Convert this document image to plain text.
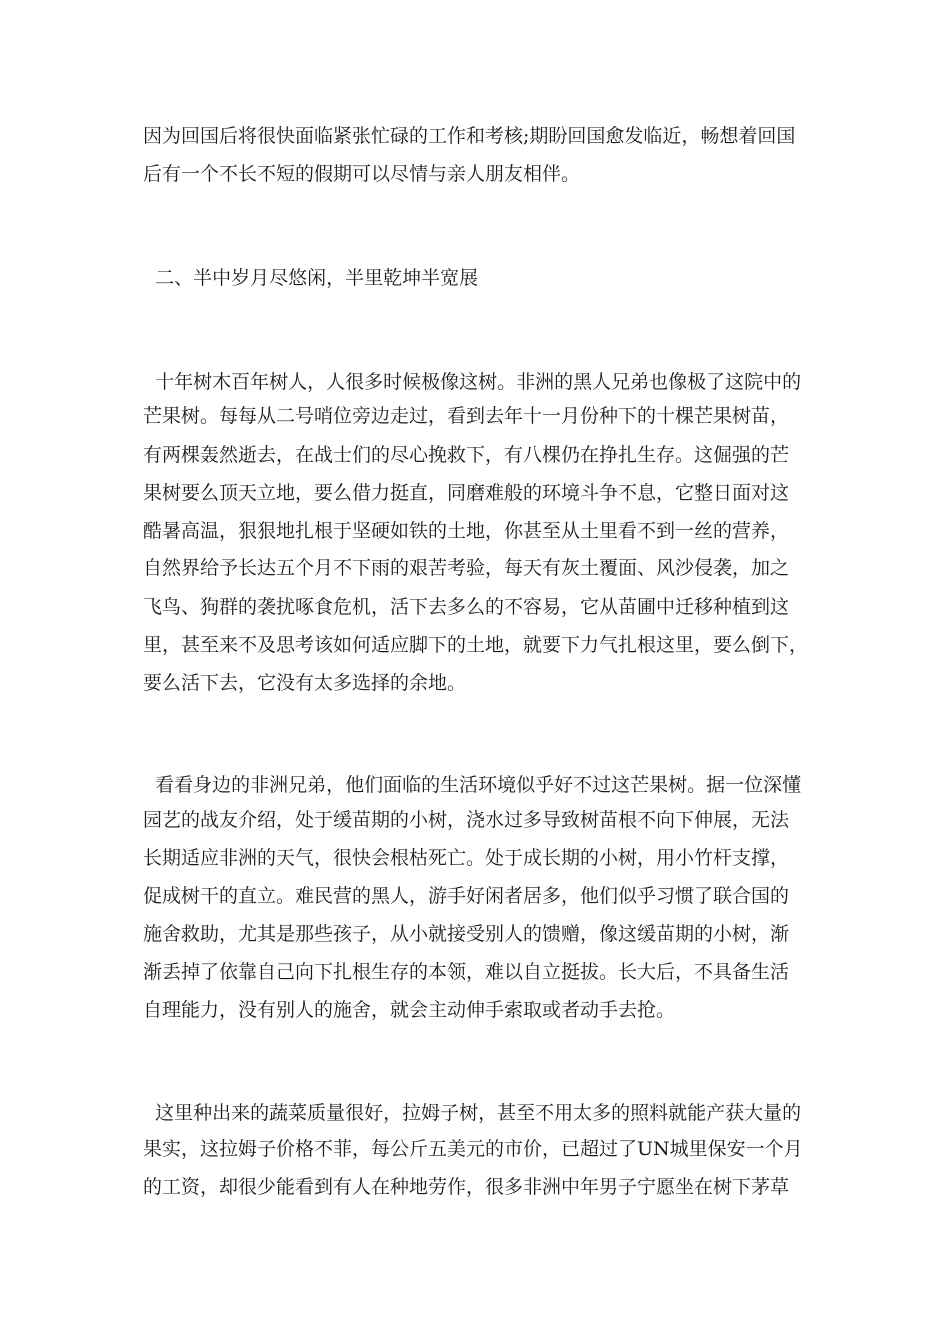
因为回国后将很快面临紧张忙碌的工作和考核;期盼回国愈发临近，畅想着回国
后有一个不长不短的假期可以尽情与亲人朋友相伴。
二、半中岁月尽悠闲，半里乾坤半宽展
十年树木百年树人，人很多时候极像这树。非洲的黑人兄弟也像极了这院中的
芒果树。每每从二号哨位旁边走过，看到去年十一月份种下的十棵芒果树苗，
有两棵轰然逝去，在战士们的尽心挽救下，有八棵仍在挣扎生存。这倔强的芒
果树要么顶天立地，要么借力挺直，同磨难般的环境斗争不息，它整日面对这
酷暑高温，狠狠地扎根于坚硬如铁的土地，你甚至从土里看不到一丝的营养，
自然界给予长达五个月不下雨的艰苦考验，每天有灰土覆面、风沙侵袭，加之
飞鸟、狗群的袭扰啄食危机，活下去多么的不容易，它从苗圃中迁移种植到这
里，甚至来不及思考该如何适应脚下的土地，就要下力气扎根这里，要么倒下，
要么活下去，它没有太多选择的余地。
看看身边的非洲兄弟，他们面临的生活环境似乎好不过这芒果树。据一位深懂
园艺的战友介绍，处于缓苗期的小树，浇水过多导致树苗根不向下伸展，无法
长期适应非洲的天气，很快会根枯死亡。处于成长期的小树，用小竹杆支撑，
促成树干的直立。难民营的黑人，游手好闲者居多，他们似乎习惯了联合国的
施舍救助，尤其是那些孩子，从小就接受别人的馈赠，像这缓苗期的小树，渐
渐丢掉了依靠自己向下扎根生存的本领，难以自立挺拔。长大后，不具备生活
自理能力，没有别人的施舍，就会主动伸手索取或者动手去抢。
这里种出来的蔬菜质量很好，拉姆子树，甚至不用太多的照料就能产获大量的
果实，这拉姆子价格不菲，每公斤五美元的市价，已超过了UN城里保安一个月
的工资，却很少能看到有人在种地劳作，很多非洲中年男子宁愿坐在树下茅草
